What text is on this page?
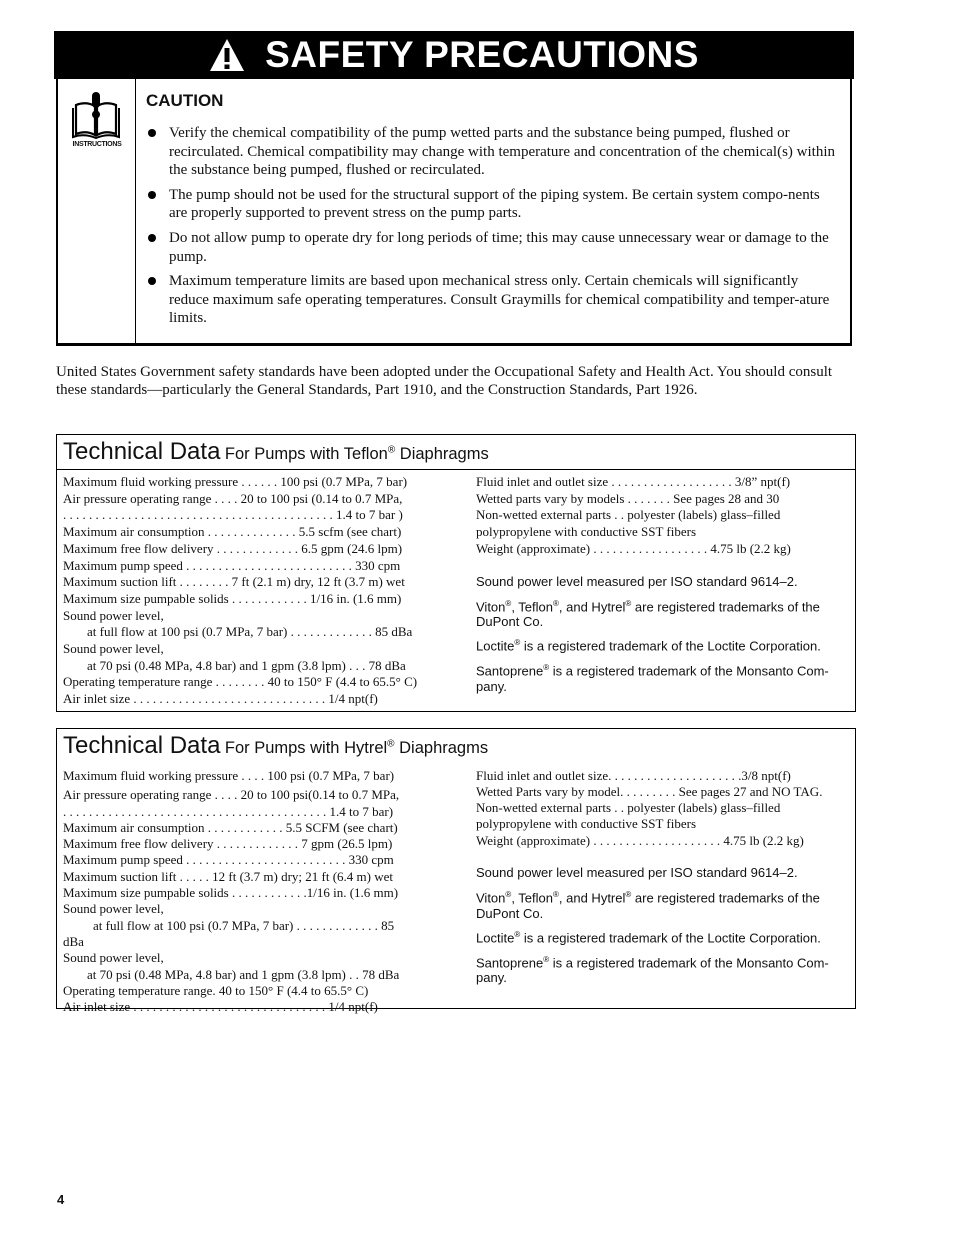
SAFETY PRECAUTIONS
INSTRUCTIONS
CAUTION
Verify the chemical compatibility of the pump wetted parts and the substance being pumped, flushed or recirculated. Chemical compatibility may change with temperature and concentration of the chemical(s) within the substance being pumped, flushed or recirculated.
The pump should not be used for the structural support of the piping system. Be certain system compo-nents are properly supported to prevent stress on the pump parts.
Do not allow pump to operate dry for long periods of time; this may cause unnecessary wear or damage to the pump.
Maximum temperature limits are based upon mechanical stress only. Certain chemicals will significantly reduce maximum safe operating temperatures. Consult Graymills for chemical compatibility and temper-ature limits.
United States Government safety standards have been adopted under the Occupational Safety and Health Act. You should consult these standards—particularly the General Standards, Part 1910, and the Construction Standards, Part 1926.
Technical Data For Pumps with Teflon® Diaphragms
Maximum fluid working pressure . . . . . . 100 psi (0.7 MPa, 7 bar)
Air pressure operating range . . . . 20 to 100 psi (0.14 to 0.7 MPa,
. . . . . . . . . . . . . . . . . . . . . . . . . . . . . . . . . . . . . . . . . . 1.4 to 7 bar )
Maximum air consumption . . . . . . . . . . . . . . 5.5 scfm (see chart)
Maximum free flow delivery . . . . . . . . . . . . . 6.5 gpm (24.6 lpm)
Maximum pump speed . . . . . . . . . . . . . . . . . . . . . . . . . . 330 cpm
Maximum suction lift . . . . . . . . 7 ft (2.1 m) dry, 12 ft (3.7 m) wet
Maximum size pumpable solids . . . . . . . . . . . . 1/16 in. (1.6 mm)
Sound power level,
at full flow at 100 psi (0.7 MPa, 7 bar) . . . . . . . . . . . . . 85 dBa
Sound power level,
at 70 psi (0.48 MPa, 4.8 bar) and 1 gpm (3.8 lpm) . . . 78 dBa
Operating temperature range . . . . . . . . 40 to 150° F (4.4 to 65.5° C)
Air inlet size . . . . . . . . . . . . . . . . . . . . . . . . . . . . . . 1/4 npt(f)
Fluid inlet and outlet size . . . . . . . . . . . . . . . . . . . 3/8” npt(f)
Wetted parts vary by models . . . . . . . See pages 28 and 30
Non-wetted external parts . . polyester (labels) glass–filled
polypropylene with conductive SST fibers
Weight (approximate) . . . . . . . . . . . . . . . . . . 4.75 lb (2.2 kg)
Sound power level measured per ISO standard 9614–2.
Viton®, Teflon®, and Hytrel® are registered trademarks of the DuPont Co.
Loctite® is a registered trademark of the Loctite Corporation.
Santoprene® is a registered trademark of the Monsanto Com-pany.
Technical Data For Pumps with Hytrel® Diaphragms
Maximum fluid working pressure . . . . 100 psi (0.7 MPa, 7 bar)
Air pressure operating range . . . . 20 to 100 psi(0.14 to 0.7 MPa,
. . . . . . . . . . . . . . . . . . . . . . . . . . . . . . . . . . . . . . . . . 1.4 to 7 bar)
Maximum air consumption . . . . . . . . . . . . 5.5 SCFM (see chart)
Maximum free flow delivery . . . . . . . . . . . . . 7 gpm (26.5 lpm)
Maximum pump speed . . . . . . . . . . . . . . . . . . . . . . . . . 330 cpm
Maximum suction lift . . . . . 12 ft (3.7 m) dry; 21 ft (6.4 m) wet
Maximum size pumpable solids . . . . . . . . . . . .1/16 in. (1.6 mm)
Sound power level,
at full flow at 100 psi (0.7 MPa, 7 bar) . . . . . . . . . . . . . 85
dBa
Sound power level,
at 70 psi (0.48 MPa, 4.8 bar) and 1 gpm (3.8 lpm) . . 78 dBa
Operating temperature range. 40 to 150° F (4.4 to 65.5° C)
Air inlet size . . . . . . . . . . . . . . . . . . . . . . . . . . . . . . 1/4 npt(f)
Fluid inlet and outlet size. . . . . . . . . . . . . . . . . . . . .3/8 npt(f)
Wetted Parts vary by model. . . . . . . . . See pages 27 and NO TAG.
Non-wetted external parts . . polyester (labels) glass–filled
polypropylene with conductive SST fibers
Weight (approximate) . . . . . . . . . . . . . . . . . . . . 4.75 lb (2.2 kg)
Sound power level measured per ISO standard 9614–2.
Viton®, Teflon®, and Hytrel® are registered trademarks of the DuPont Co.
Loctite® is a registered trademark of the Loctite Corporation.
Santoprene® is a registered trademark of the Monsanto Com-pany.
4
